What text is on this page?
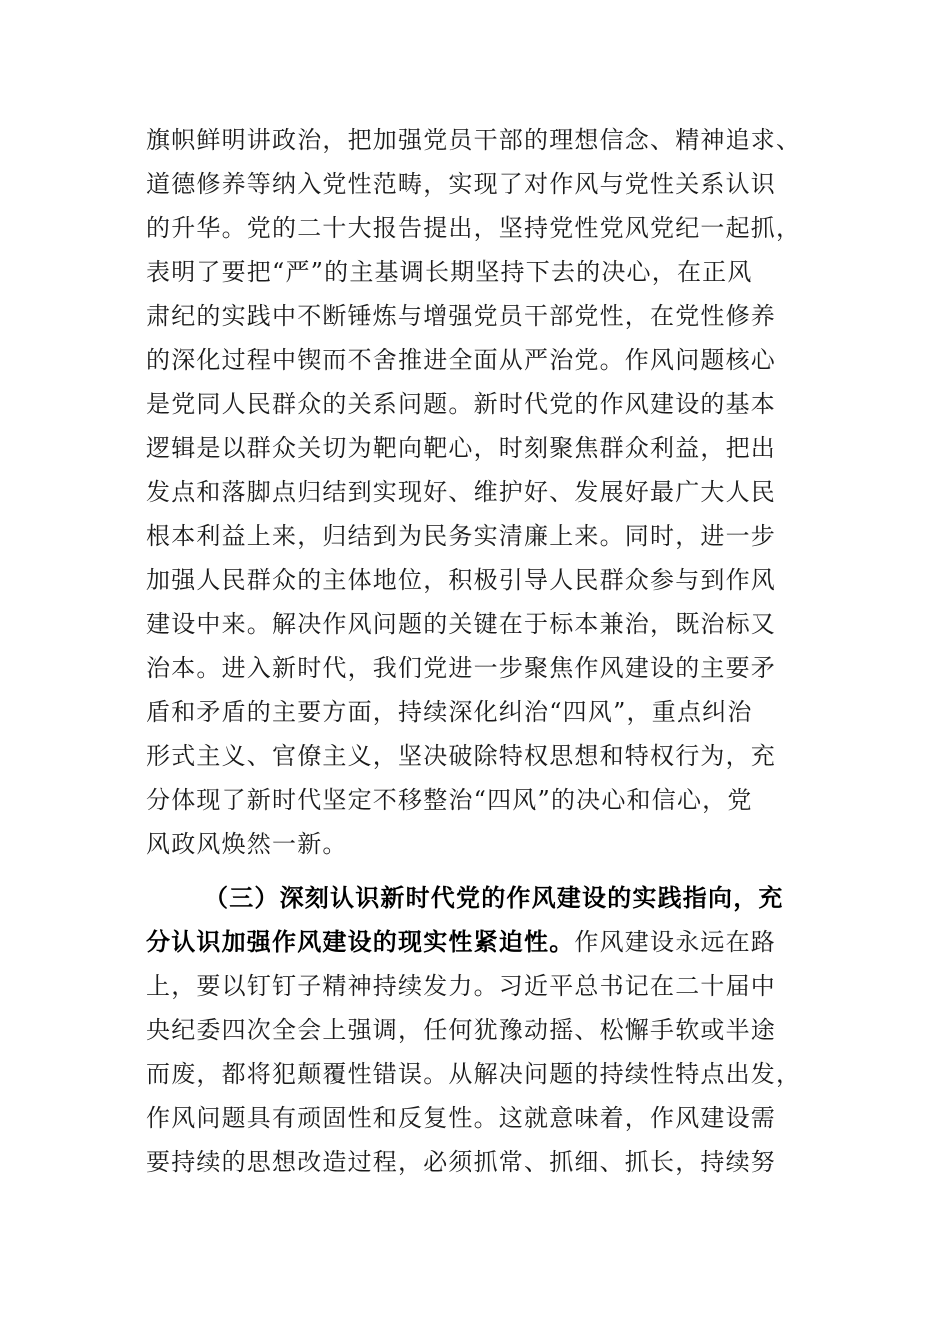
旗帜鲜明讲政治，把加强党员干部的理想信念、精神追求、
道德修养等纳入党性范畴，实现了对作风与党性关系认识
的升华。党的二十大报告提出，坚持党性党风党纪一起抓，
表明了要把“严”的主基调长期坚持下去的决心，在正风
肃纪的实践中不断锤炼与增强党员干部党性，在党性修养
的深化过程中锲而不舍推进全面从严治党。作风问题核心
是党同人民群众的关系问题。新时代党的作风建设的基本
逻辑是以群众关切为靶向靶心，时刻聚焦群众利益，把出
发点和落脚点归结到实现好、维护好、发展好最广大人民
根本利益上来，归结到为民务实清廉上来。同时，进一步
加强人民群众的主体地位，积极引导人民群众参与到作风
建设中来。解决作风问题的关键在于标本兼治，既治标又
治本。进入新时代，我们党进一步聚焦作风建设的主要矛
盾和矛盾的主要方面，持续深化纠治“四风”，重点纠治
形式主义、官僚主义，坚决破除特权思想和特权行为，充
分体现了新时代坚定不移整治“四风”的决心和信心，党
风政风焕然一新。
（三）深刻认识新时代党的作风建设的实践指向，充
分认识加强作风建设的现实性紧迫性。作风建设永远在路
上，要以钉钉子精神持续发力。习近平总书记在二十届中
央纪委四次全会上强调，任何犹豫动摇、松懈手软或半途
而废，都将犯颠覆性错误。从解决问题的持续性特点出发，
作风问题具有顽固性和反复性。这就意味着，作风建设需
要持续的思想改造过程，必须抓常、抓细、抓长，持续努
